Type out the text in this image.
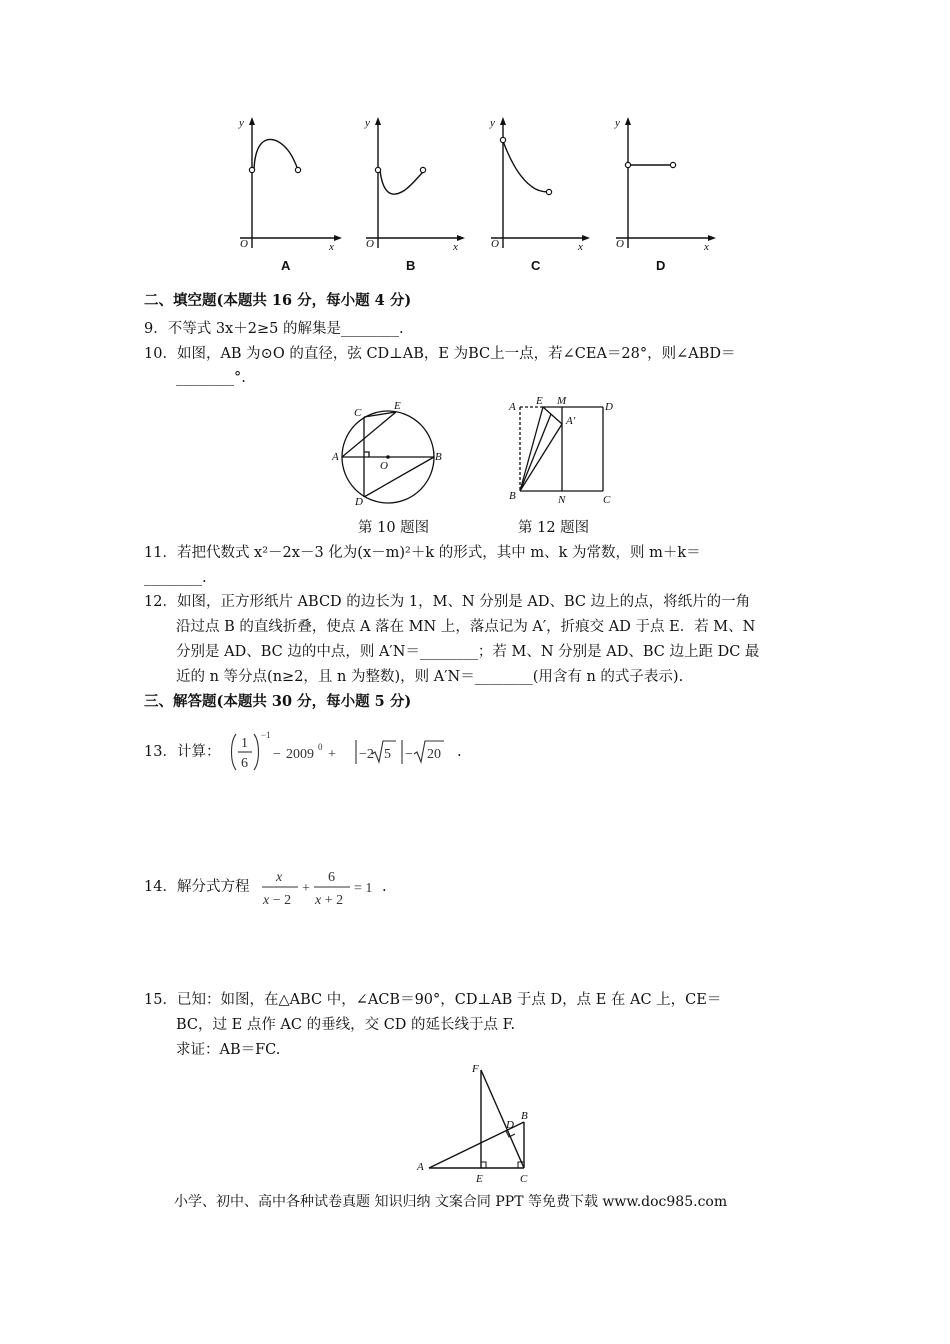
y
x
O
y
x
O
y
x
O
y
x
O
A	B	C	D
二、填空题(本题共 16 分，每小题 4 分)
9．不等式 3x＋2≥5 的解集是________.
10．如图，AB 为⊙O 的直径，弦 CD⊥AB，E 为BC上一点，若∠CEA＝28°，则∠ABD＝
________°.
C
E
A
O
B
D
A E M	D
A′
B	N	C
第 10 题图	第 12 题图
11．若把代数式 x²－2x－3 化为(x－m)²＋k 的形式，其中 m、k 为常数，则 m＋k＝
________.
12．如图，正方形纸片 ABCD 的边长为 1，M、N 分别是 AD、BC 边上的点，将纸片的一角
沿过点 B 的直线折叠，使点 A 落在 MN 上，落点记为 A′，折痕交 AD 于点 E．若 M、N
分别是 AD、BC 边的中点，则 A′N＝________；若 M、N 分别是 AD、BC 边上距 DC 最
近的 n 等分点(n≥2，且 n 为整数)，则 A′N＝________(用含有 n 的式子表示).
三、解答题(本题共 30 分，每小题 5 分)
13．计算：
1
6
−1
− 2009 0 + −2 5 − 20 .
14．解分式方程
x
x − 2
+
6
x + 2
= 1 .
15．已知：如图，在△ABC 中，∠ACB＝90°，CD⊥AB 于点 D，点 E 在 AC 上，CE＝
BC，过 E 点作 AC 的垂线，交 CD 的延长线于点 F.
求证：AB＝FC.
F
D
B
A
E	C
小学、初中、高中各种试卷真题 知识归纳 文案合同 PPT 等免费下载 www.doc985.com
